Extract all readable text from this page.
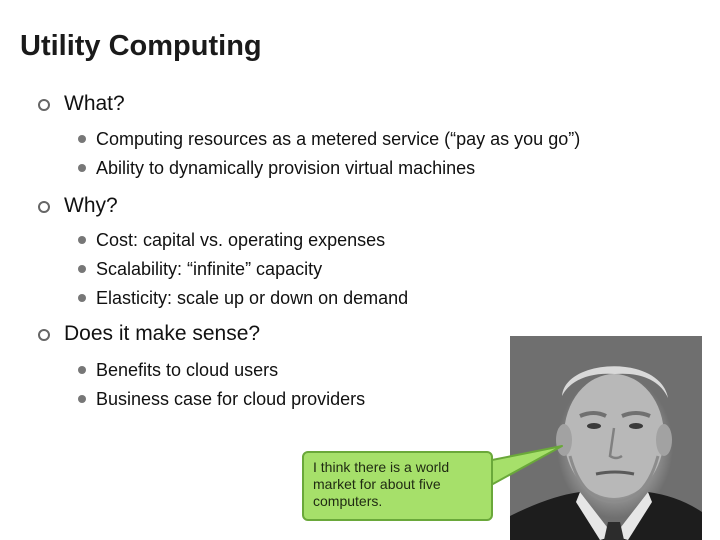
Utility Computing
What?
Computing resources as a metered service (“pay as you go”)
Ability to dynamically provision virtual machines
Why?
Cost: capital vs. operating expenses
Scalability: “infinite” capacity
Elasticity: scale up or down on demand
Does it make sense?
Benefits to cloud users
Business case for cloud providers
I think there is a world market for about five computers.
